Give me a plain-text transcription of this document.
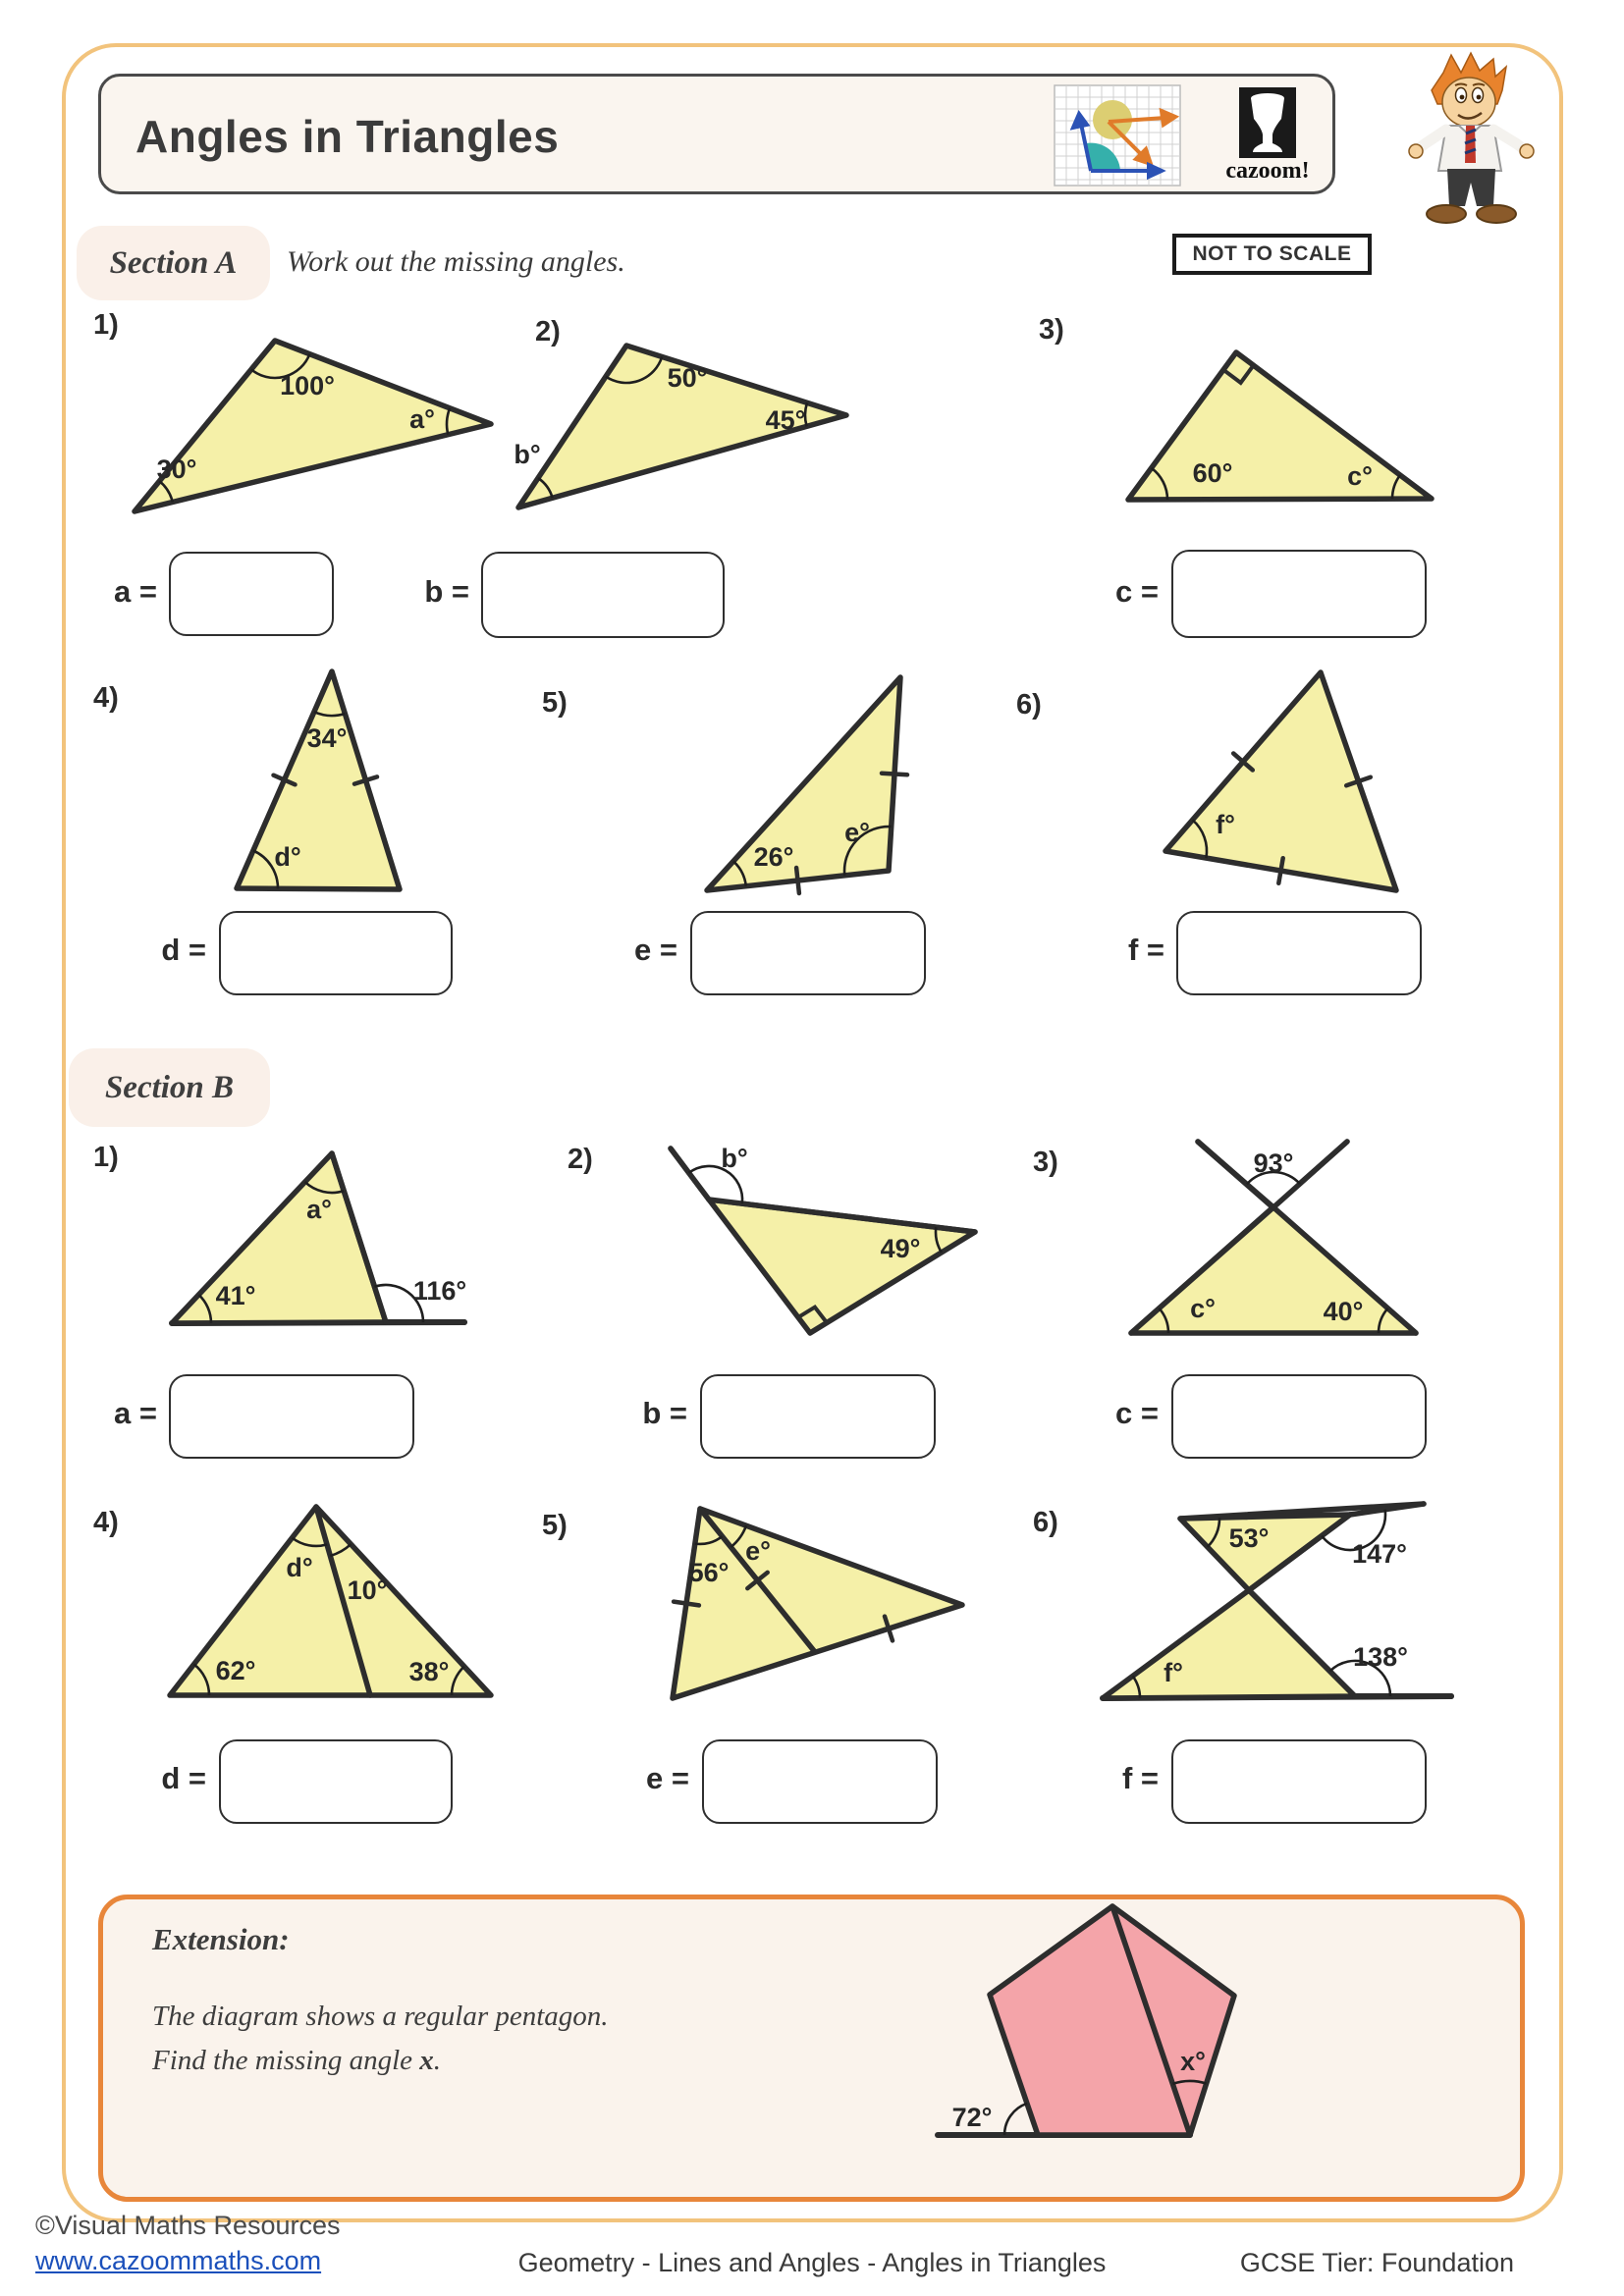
Angles in Triangles
cazoom!
Section A Work out the missing angles.	NOT TO SCALE
1)	2)	3)
100°
a°
30°
50°
45°
b°
60°	c°
a =	b =	c =
4)	5)	6)
34°
d°	26°
e°	f°
d =	e =	f =
Section B
1)	2)	3)
a°
41°	116°
b°
49°
93°
c°	40°
a =	b =	c =
4)	5)	6)
d°
10°
62°	38°
56°
e°	53°
147°
f°
138°
d =	e =	f =
Extension:
The diagram shows a regular pentagon.
Find the missing angle x.
72°
x°
©Visual Maths Resources
www.cazoommaths.com	Geometry - Lines and Angles - Angles in Triangles	GCSE Tier: Foundation
